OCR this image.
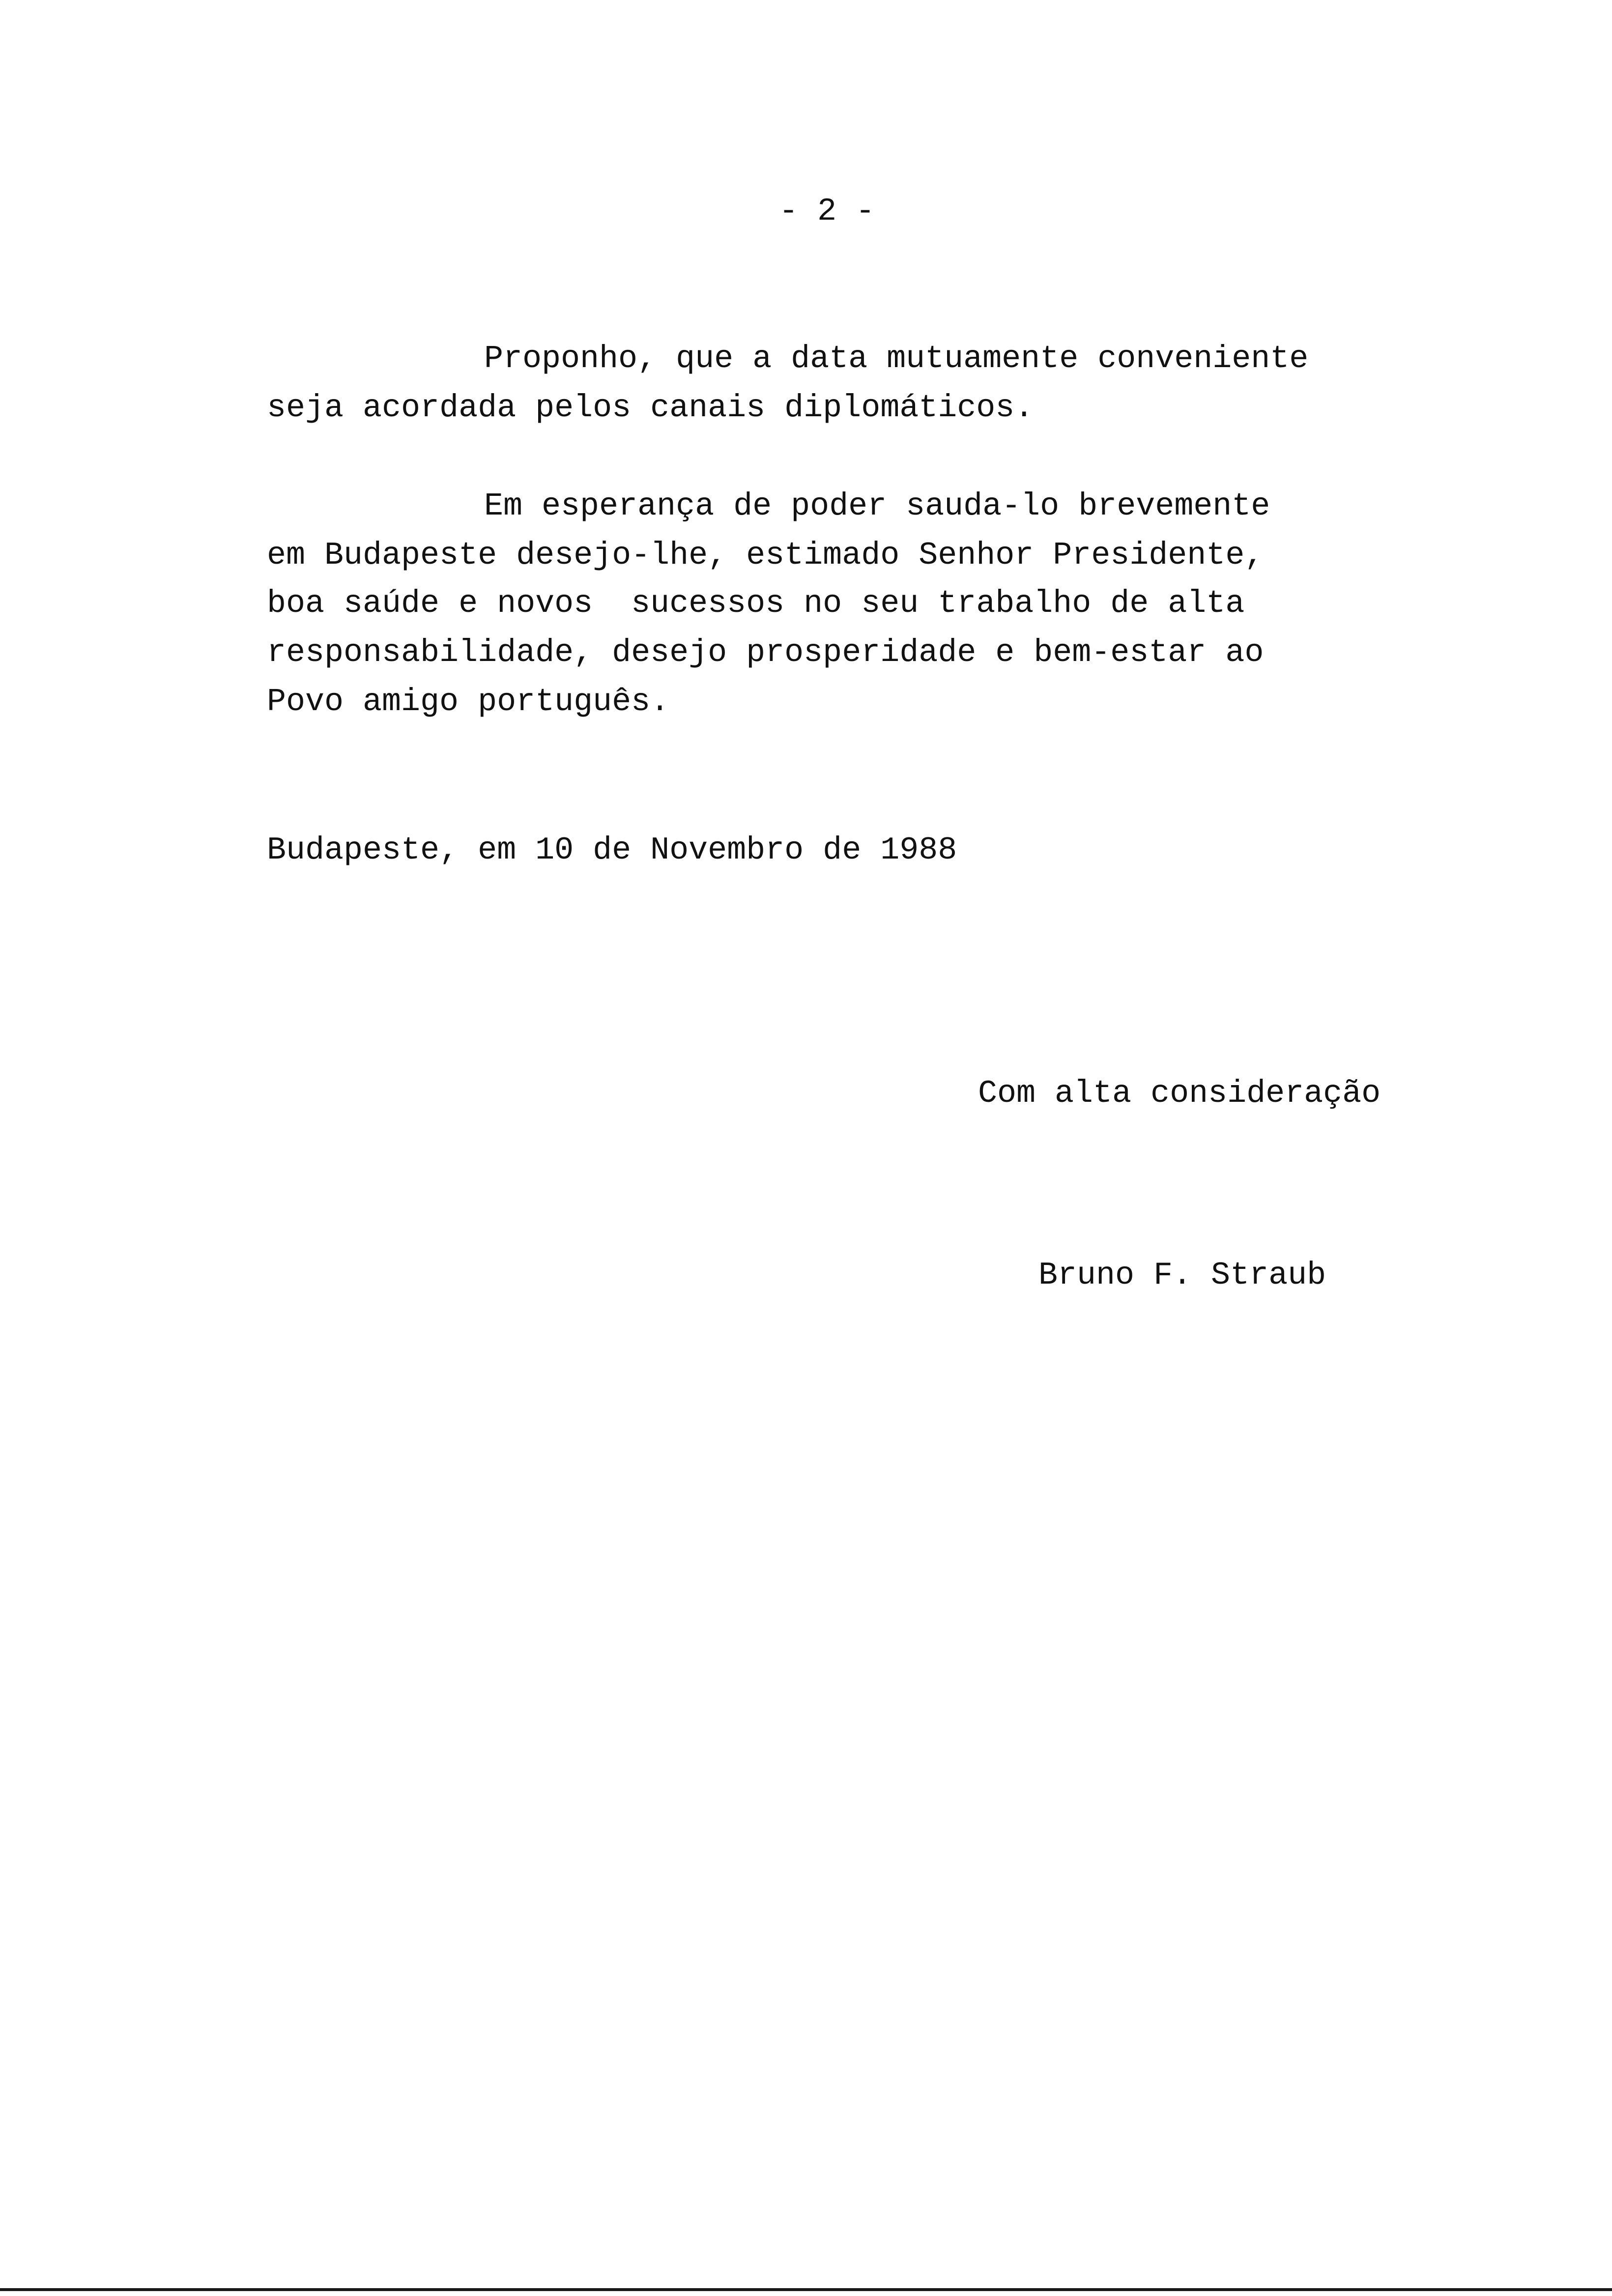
- 2 -
Proponho, que a data mutuamente conveniente
seja acordada pelos canais diplomáticos.
Em esperança de poder sauda-lo brevemente
em Budapeste desejo-lhe, estimado Senhor Presidente,
boa saúde e novos  sucessos no seu trabalho de alta
responsabilidade, desejo prosperidade e bem-estar ao
Povo amigo português.
Budapeste, em 10 de Novembro de 1988
Com alta consideração
Bruno F. Straub
